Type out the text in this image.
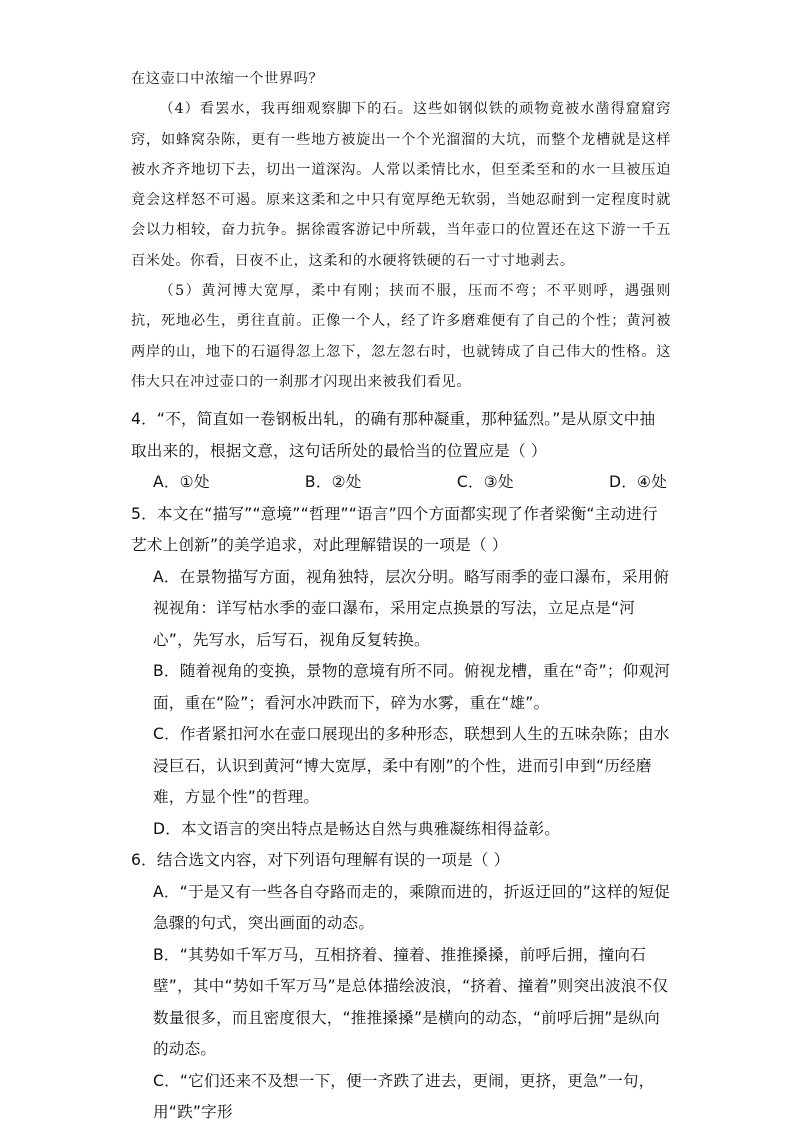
在这壶口中浓缩一个世界吗？

（4）看罢水，我再细观察脚下的石。这些如钢似铁的顽物竟被水凿得窟窟窍窍，如蜂窝杂陈，更有一些地方被旋出一个个光溜溜的大坑，而整个龙槽就是这样被水齐齐地切下去，切出一道深沟。人常以柔情比水，但至柔至和的水一旦被压迫竟会这样怒不可遏。原来这柔和之中只有宽厚绝无软弱，当她忍耐到一定程度时就会以力相较，奋力抗争。据徐霞客游记中所载，当年壶口的位置还在这下游一千五百米处。你看，日夜不止，这柔和的水硬将铁硬的石一寸寸地剥去。

（5）黄河博大宽厚，柔中有刚；挟而不服，压而不弯；不平则呼，遇强则抗，死地必生，勇往直前。正像一个人，经了许多磨难便有了自己的个性；黄河被两岸的山，地下的石逼得忽上忽下，忽左忽右时，也就铸成了自己伟大的性格。这伟大只在冲过壶口的一刹那才闪现出来被我们看见。

4．“不，简直如一卷钢板出轧，的确有那种凝重，那种猛烈。”是从原文中抽取出来的，根据文意，这句话所处的最恰当的位置应是（ ）

A．①处	B．②处	C．③处	D．④处

5．本文在“描写”“意境”“哲理”“语言”四个方面都实现了作者梁衡“主动进行艺术上创新”的美学追求，对此理解错误的一项是（ ）

A．在景物描写方面，视角独特，层次分明。略写雨季的壶口瀑布，采用俯视视角：详写枯水季的壶口瀑布，采用定点换景的写法，立足点是“河心”，先写水，后写石，视角反复转换。

B．随着视角的变换，景物的意境有所不同。俯视龙槽，重在“奇”；仰观河面，重在“险”；看河水冲跌而下，碎为水雾，重在“雄”。

C．作者紧扣河水在壶口展现出的多种形态，联想到人生的五味杂陈；由水浸巨石，认识到黄河“博大宽厚，柔中有刚”的个性，进而引申到“历经磨难，方显个性”的哲理。

D．本文语言的突出特点是畅达自然与典雅凝练相得益彰。

6．结合选文内容，对下列语句理解有误的一项是（ ）

A．“于是又有一些各自夺路而走的，乘隙而进的，折返迂回的”这样的短促急骤的句式，突出画面的动态。

B．“其势如千军万马，互相挤着、撞着、推推搡搡，前呼后拥，撞向石壁”，其中“势如千军万马”是总体描绘波浪，“挤着、撞着”则突出波浪不仅数量很多，而且密度很大，“推推搡搡”是横向的动态，“前呼后拥”是纵向的动态。

C．“它们还来不及想一下，便一齐跌了进去，更闹，更挤，更急”一句，用“跌”字形
